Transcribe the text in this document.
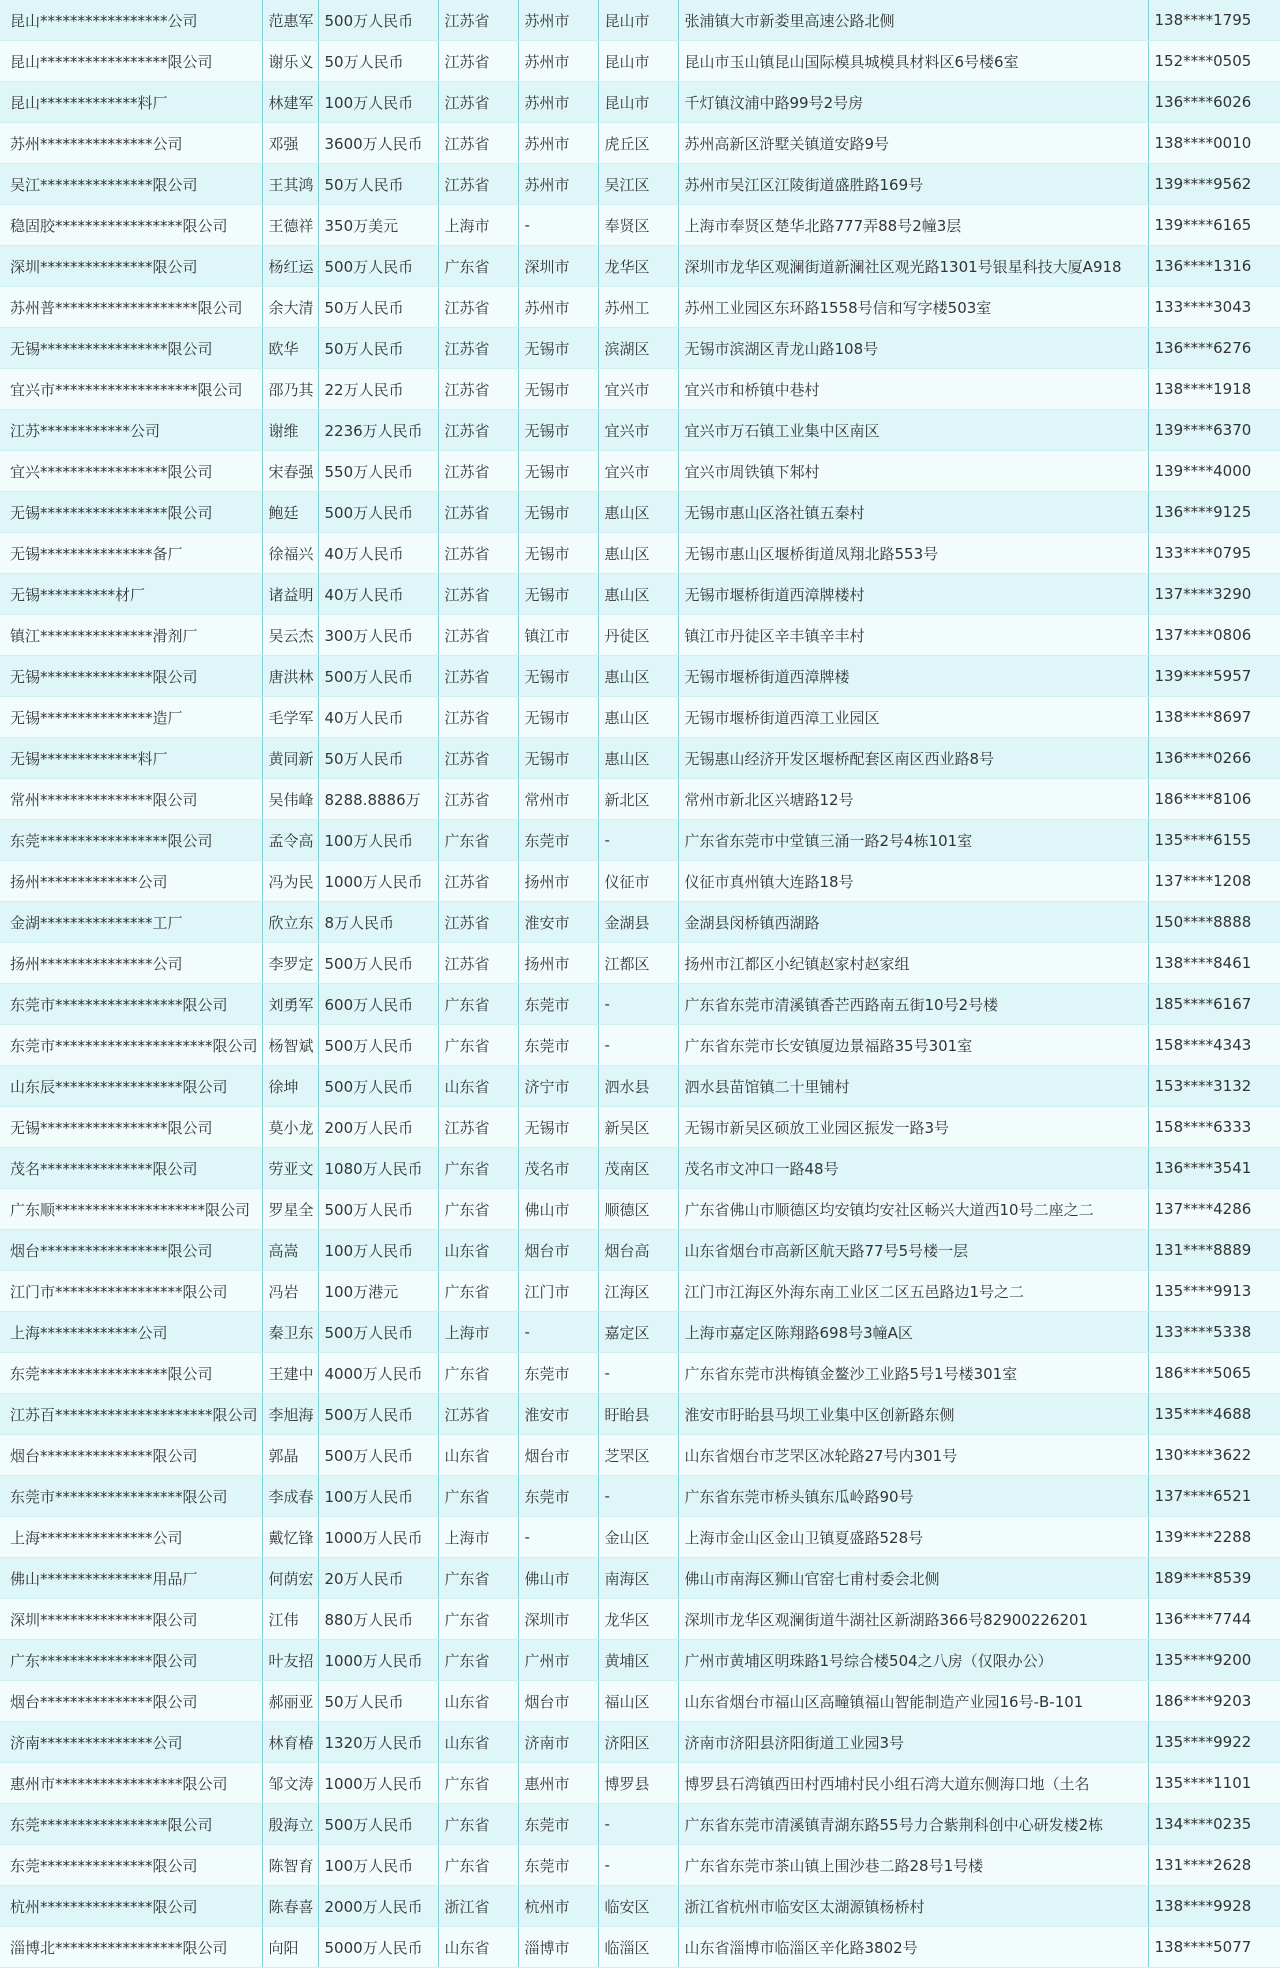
昆山*****************公司	范惠军	500万人民币	江苏省	苏州市	昆山市	张浦镇大市新娄里高速公路北侧	138****1795
昆山*****************限公司	谢乐义	50万人民币	江苏省	苏州市	昆山市	昆山市玉山镇昆山国际模具城模具材料区6号楼6室	152****0505
昆山*************料厂	林建军	100万人民币	江苏省	苏州市	昆山市	千灯镇汶浦中路99号2号房	136****6026
苏州***************公司	邓强	3600万人民币	江苏省	苏州市	虎丘区	苏州高新区浒墅关镇道安路9号	138****0010
吴江***************限公司	王其鸿	50万人民币	江苏省	苏州市	吴江区	苏州市吴江区江陵街道盛胜路169号	139****9562
稳固胶*****************限公司	王德祥	350万美元	上海市	-	奉贤区	上海市奉贤区楚华北路777弄88号2幢3层	139****6165
深圳***************限公司	杨红运	500万人民币	广东省	深圳市	龙华区	深圳市龙华区观澜街道新澜社区观光路1301号银星科技大厦A918	136****1316
苏州普*******************限公司	余大清	50万人民币	江苏省	苏州市	苏州工	苏州工业园区东环路1558号信和写字楼503室	133****3043
无锡*****************限公司	欧华	50万人民币	江苏省	无锡市	滨湖区	无锡市滨湖区青龙山路108号	136****6276
宜兴市*******************限公司	邵乃其	22万人民币	江苏省	无锡市	宜兴市	宜兴市和桥镇中巷村	138****1918
江苏************公司	谢维	2236万人民币	江苏省	无锡市	宜兴市	宜兴市万石镇工业集中区南区	139****6370
宜兴*****************限公司	宋春强	550万人民币	江苏省	无锡市	宜兴市	宜兴市周铁镇下邾村	139****4000
无锡*****************限公司	鲍廷	500万人民币	江苏省	无锡市	惠山区	无锡市惠山区洛社镇五秦村	136****9125
无锡***************备厂	徐福兴	40万人民币	江苏省	无锡市	惠山区	无锡市惠山区堰桥街道凤翔北路553号	133****0795
无锡**********材厂	诸益明	40万人民币	江苏省	无锡市	惠山区	无锡市堰桥街道西漳牌楼村	137****3290
镇江***************滑剂厂	吴云杰	300万人民币	江苏省	镇江市	丹徒区	镇江市丹徒区辛丰镇辛丰村	137****0806
无锡***************限公司	唐洪林	500万人民币	江苏省	无锡市	惠山区	无锡市堰桥街道西漳牌楼	139****5957
无锡***************造厂	毛学军	40万人民币	江苏省	无锡市	惠山区	无锡市堰桥街道西漳工业园区	138****8697
无锡*************料厂	黄同新	50万人民币	江苏省	无锡市	惠山区	无锡惠山经济开发区堰桥配套区南区西业路8号	136****0266
常州***************限公司	吴伟峰	8288.8886万	江苏省	常州市	新北区	常州市新北区兴塘路12号	186****8106
东莞*****************限公司	孟令高	100万人民币	广东省	东莞市	-	广东省东莞市中堂镇三涌一路2号4栋101室	135****6155
扬州*************公司	冯为民	1000万人民币	江苏省	扬州市	仪征市	仪征市真州镇大连路18号	137****1208
金湖***************工厂	欣立东	8万人民币	江苏省	淮安市	金湖县	金湖县闵桥镇西湖路	150****8888
扬州***************公司	李罗定	500万人民币	江苏省	扬州市	江都区	扬州市江都区小纪镇赵家村赵家组	138****8461
东莞市*****************限公司	刘勇军	600万人民币	广东省	东莞市	-	广东省东莞市清溪镇香芒西路南五街10号2号楼	185****6167
东莞市*********************限公司	杨智斌	500万人民币	广东省	东莞市	-	广东省东莞市长安镇厦边景福路35号301室	158****4343
山东辰*****************限公司	徐坤	500万人民币	山东省	济宁市	泗水县	泗水县苗馆镇二十里铺村	153****3132
无锡*****************限公司	莫小龙	200万人民币	江苏省	无锡市	新吴区	无锡市新吴区硕放工业园区振发一路3号	158****6333
茂名***************限公司	劳亚文	1080万人民币	广东省	茂名市	茂南区	茂名市文冲口一路48号	136****3541
广东顺********************限公司	罗星全	500万人民币	广东省	佛山市	顺德区	广东省佛山市顺德区均安镇均安社区畅兴大道西10号二座之二	137****4286
烟台*****************限公司	高嵩	100万人民币	山东省	烟台市	烟台高	山东省烟台市高新区航天路77号5号楼一层	131****8889
江门市*****************限公司	冯岩	100万港元	广东省	江门市	江海区	江门市江海区外海东南工业区二区五邑路边1号之二	135****9913
上海*************公司	秦卫东	500万人民币	上海市	-	嘉定区	上海市嘉定区陈翔路698号3幢A区	133****5338
东莞*****************限公司	王建中	4000万人民币	广东省	东莞市	-	广东省东莞市洪梅镇金鳌沙工业路5号1号楼301室	186****5065
江苏百*********************限公司	李旭海	500万人民币	江苏省	淮安市	盱眙县	淮安市盱眙县马坝工业集中区创新路东侧	135****4688
烟台***************限公司	郭晶	500万人民币	山东省	烟台市	芝罘区	山东省烟台市芝罘区冰轮路27号内301号	130****3622
东莞市*****************限公司	李成春	100万人民币	广东省	东莞市	-	广东省东莞市桥头镇东瓜岭路90号	137****6521
上海***************公司	戴忆锋	1000万人民币	上海市	-	金山区	上海市金山区金山卫镇夏盛路528号	139****2288
佛山***************用品厂	何荫宏	20万人民币	广东省	佛山市	南海区	佛山市南海区狮山官窑七甫村委会北侧	189****8539
深圳***************限公司	江伟	880万人民币	广东省	深圳市	龙华区	深圳市龙华区观澜街道牛湖社区新湖路366号82900226201	136****7744
广东***************限公司	叶友招	1000万人民币	广东省	广州市	黄埔区	广州市黄埔区明珠路1号综合楼504之八房（仅限办公）	135****9200
烟台***************限公司	郝丽亚	50万人民币	山东省	烟台市	福山区	山东省烟台市福山区高疃镇福山智能制造产业园16号-B-101	186****9203
济南***************公司	林育椿	1320万人民币	山东省	济南市	济阳区	济南市济阳县济阳街道工业园3号	135****9922
惠州市*****************限公司	邹文涛	1000万人民币	广东省	惠州市	博罗县	博罗县石湾镇西田村西埔村民小组石湾大道东侧海口地（土名	135****1101
东莞*****************限公司	殷海立	500万人民币	广东省	东莞市	-	广东省东莞市清溪镇青湖东路55号力合紫荆科创中心研发楼2栋	134****0235
东莞***************限公司	陈智育	100万人民币	广东省	东莞市	-	广东省东莞市茶山镇上围沙巷二路28号1号楼	131****2628
杭州***************限公司	陈春喜	2000万人民币	浙江省	杭州市	临安区	浙江省杭州市临安区太湖源镇杨桥村	138****9928
淄博北*****************限公司	向阳	5000万人民币	山东省	淄博市	临淄区	山东省淄博市临淄区辛化路3802号	138****5077
